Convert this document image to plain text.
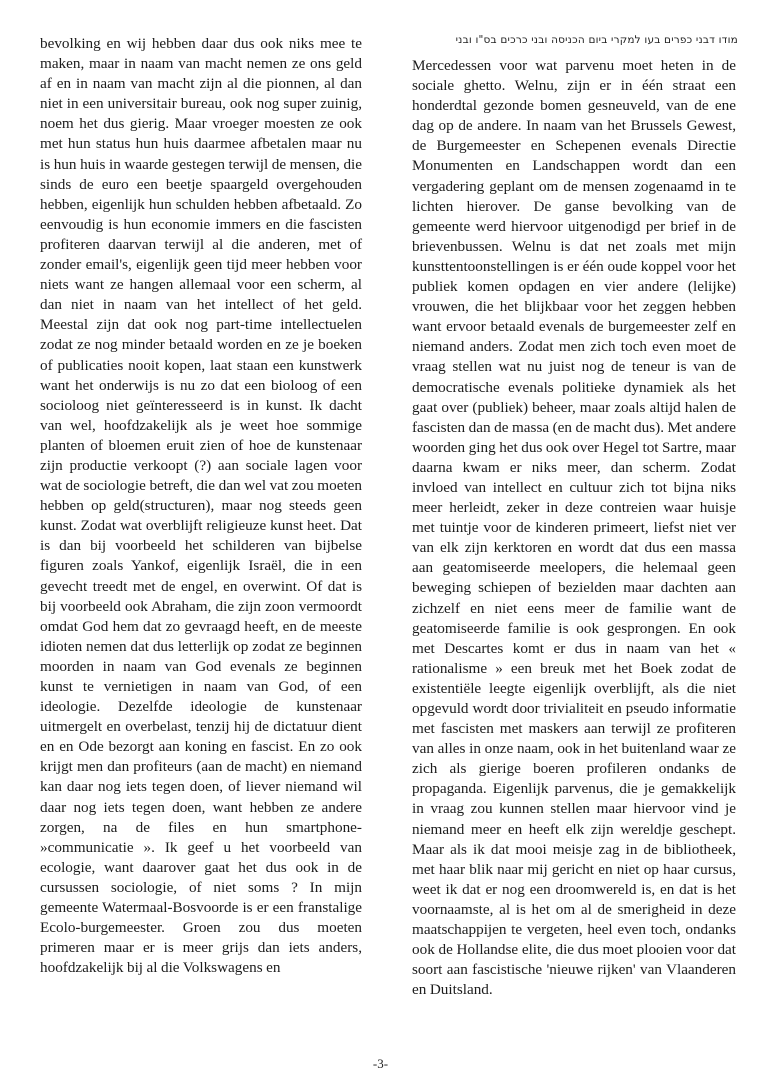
bevolking en wij hebben daar dus ook niks mee te maken, maar in naam van macht nemen ze ons geld af en in naam van macht zijn al die pionnen, al dan niet in een universitair bureau, ook nog super zuinig, noem het dus gierig. Maar vroeger moesten ze ook met hun status hun huis daarmee afbetalen maar nu is hun huis in waarde gestegen terwijl de mensen, die sinds de euro een beetje spaargeld overgehouden hebben, eigenlijk hun schulden hebben afbetaald. Zo eenvoudig is hun economie immers en die fascisten profiteren daarvan terwijl al die anderen, met of zonder email's, eigenlijk geen tijd meer hebben voor niets want ze hangen allemaal voor een scherm, al dan niet in naam van het intellect of het geld. Meestal zijn dat ook nog part-time intellectuelen zodat ze nog minder betaald worden en ze je boeken of publicaties nooit kopen, laat staan een kunstwerk want het onderwijs is nu zo dat een bioloog of een socioloog niet geïnteresseerd is in kunst. Ik dacht van wel, hoofdzakelijk als je weet hoe sommige planten of bloemen eruit zien of hoe de kunstenaar zijn productie verkoopt (?) aan sociale lagen voor wat de sociologie betreft, die dan wel vat zou moeten hebben op geld(structuren), maar nog steeds geen kunst. Zodat wat overblijft religieuze kunst heet. Dat is dan bij voorbeeld het schilderen van bijbelse figuren zoals Yankof, eigenlijk Israël, die in een gevecht treedt met de engel, en overwint. Of dat is bij voorbeeld ook Abraham, die zijn zoon vermoordt omdat God hem dat zo gevraagd heeft, en de meeste idioten nemen dat dus letterlijk op zodat ze beginnen moorden in naam van God evenals ze beginnen kunst te vernietigen in naam van God, of een ideologie. Dezelfde ideologie de kunstenaar uitmergelt en overbelast, tenzij hij de dictatuur dient en en Ode bezorgt aan koning en fascist. En zo ook krijgt men dan profiteurs (aan de macht) en niemand kan daar nog iets tegen doen, of liever niemand wil daar nog iets tegen doen, want hebben ze andere zorgen, na de files en hun smartphone- »communicatie ». Ik geef u het voorbeeld van ecologie, want daarover gaat het dus ook in de cursussen sociologie, of niet soms ? In mijn gemeente Watermaal-Bosvoorde is er een franstalige Ecolo-burgemeester. Groen zou dus moeten primeren maar er is meer grijs dan iets anders, hoofdzakelijk bij al die Volkswagens en

מודו דבני כפרים בעו למקרי ביום הכניסה ובני כרכים בס"ו ובני

Mercedessen voor wat parvenu moet heten in de sociale ghetto. Welnu, zijn er in één straat een honderdtal gezonde bomen gesneuveld, van de ene dag op de andere. In naam van het Brussels Gewest, de Burgemeester en Schepenen evenals Directie Monumenten en Landschappen wordt dan een vergadering geplant om de mensen zogenaamd in te lichten hierover. De ganse bevolking van de gemeente werd hiervoor uitgenodigd per brief in de brievenbussen. Welnu is dat net zoals met mijn kunsttentoonstellingen is er één oude koppel voor het publiek komen opdagen en vier andere (lelijke) vrouwen, die het blijkbaar voor het zeggen hebben want ervoor betaald evenals de burgemeester zelf en niemand anders. Zodat men zich toch even moet de vraag stellen wat nu juist nog de teneur is van de democratische evenals politieke dynamiek als het gaat over (publiek) beheer, maar zoals altijd halen de fascisten dan de massa (en de macht dus). Met andere woorden ging het dus ook over Hegel tot Sartre, maar daarna kwam er niks meer, dan scherm. Zodat invloed van intellect en cultuur zich tot bijna niks meer herleidt, zeker in deze contreien waar huisje met tuintje voor de kinderen primeert, liefst niet ver van elk zijn kerktoren en wordt dat dus een massa aan geatomiseerde meelopers, die helemaal geen beweging schiepen of bezielden maar dachten aan zichzelf en niet eens meer de familie want de geatomiseerde familie is ook gesprongen. En ook met Descartes komt er dus in naam van het « rationalisme » een breuk met het Boek zodat de existentiële leegte eigenlijk overblijft, als die niet opgevuld wordt door trivialiteit en pseudo informatie met fascisten met maskers aan terwijl ze profiteren van alles in onze naam, ook in het buitenland waar ze zich als gierige boeren profileren ondanks de propaganda. Eigenlijk parvenus, die je gemakkelijk in vraag zou kunnen stellen maar hiervoor vind je niemand meer en heeft elk zijn wereldje geschept. Maar als ik dat mooi meisje zag in de bibliotheek, met haar blik naar mij gericht en niet op haar cursus, weet ik dat er nog een droomwereld is, en dat is het voornaamste, al is het om al de smerigheid in deze maatschappijen te vergeten, heel even toch, ondanks ook de Hollandse elite, die dus moet plooien voor dat soort aan fascistische 'nieuwe rijken' van Vlaanderen en Duitsland.

-3-
